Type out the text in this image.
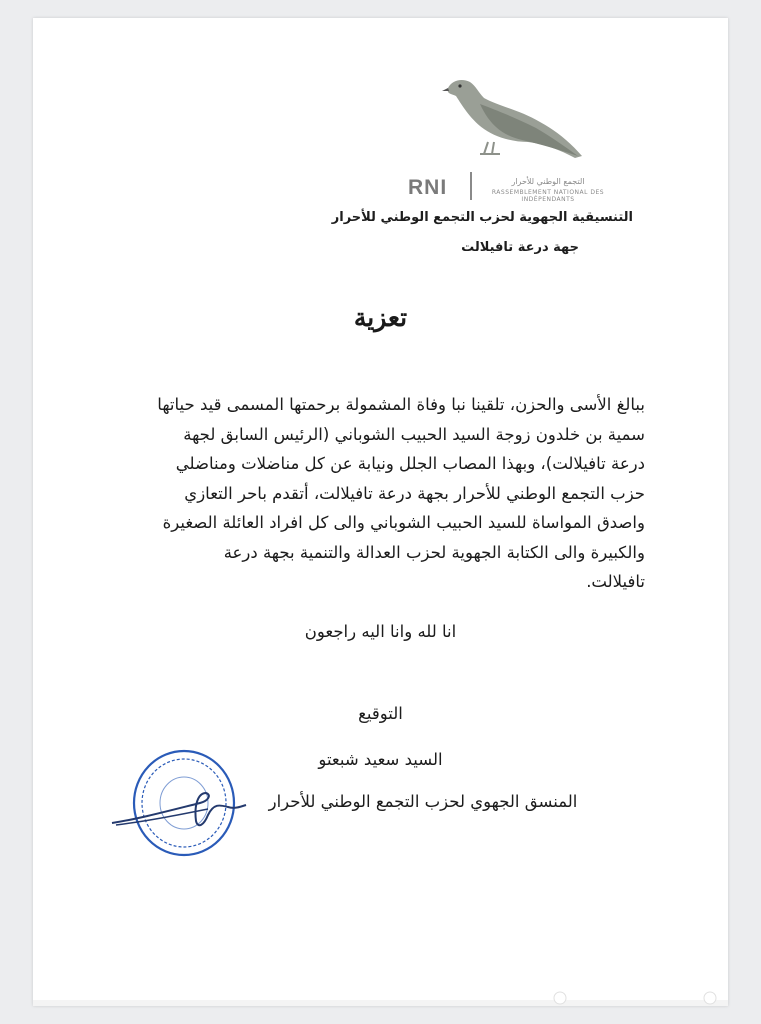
RNI	التجمع الوطني للأحرار
RASSEMBLEMENT NATIONAL DES INDÉPENDANTS
التنسيقية الجهوية لحزب التجمع الوطني للأحرار
جهة درعة تافيلالت
تعزية
ببالغ الأسى والحزن، تلقينا نبا وفاة المشمولة برحمتها المسمى قيد حياتها
سمية بن خلدون زوجة السيد الحبيب الشوباني (الرئيس السابق لجهة
درعة تافيلالت)، وبهذا المصاب الجلل ونيابة عن كل مناضلات ومناضلي
حزب التجمع الوطني للأحرار بجهة درعة تافيلالت، أتقدم باحر التعازي
واصدق المواساة للسيد الحبيب الشوباني والى كل افراد العائلة الصغيرة
والكبيرة والى الكتابة الجهوية لحزب العدالة والتنمية بجهة درعة
تافيلالت.
انا لله وانا اليه راجعون
التوقيع
السيد سعيد شبعتو
المنسق الجهوي لحزب التجمع الوطني للأحرار
